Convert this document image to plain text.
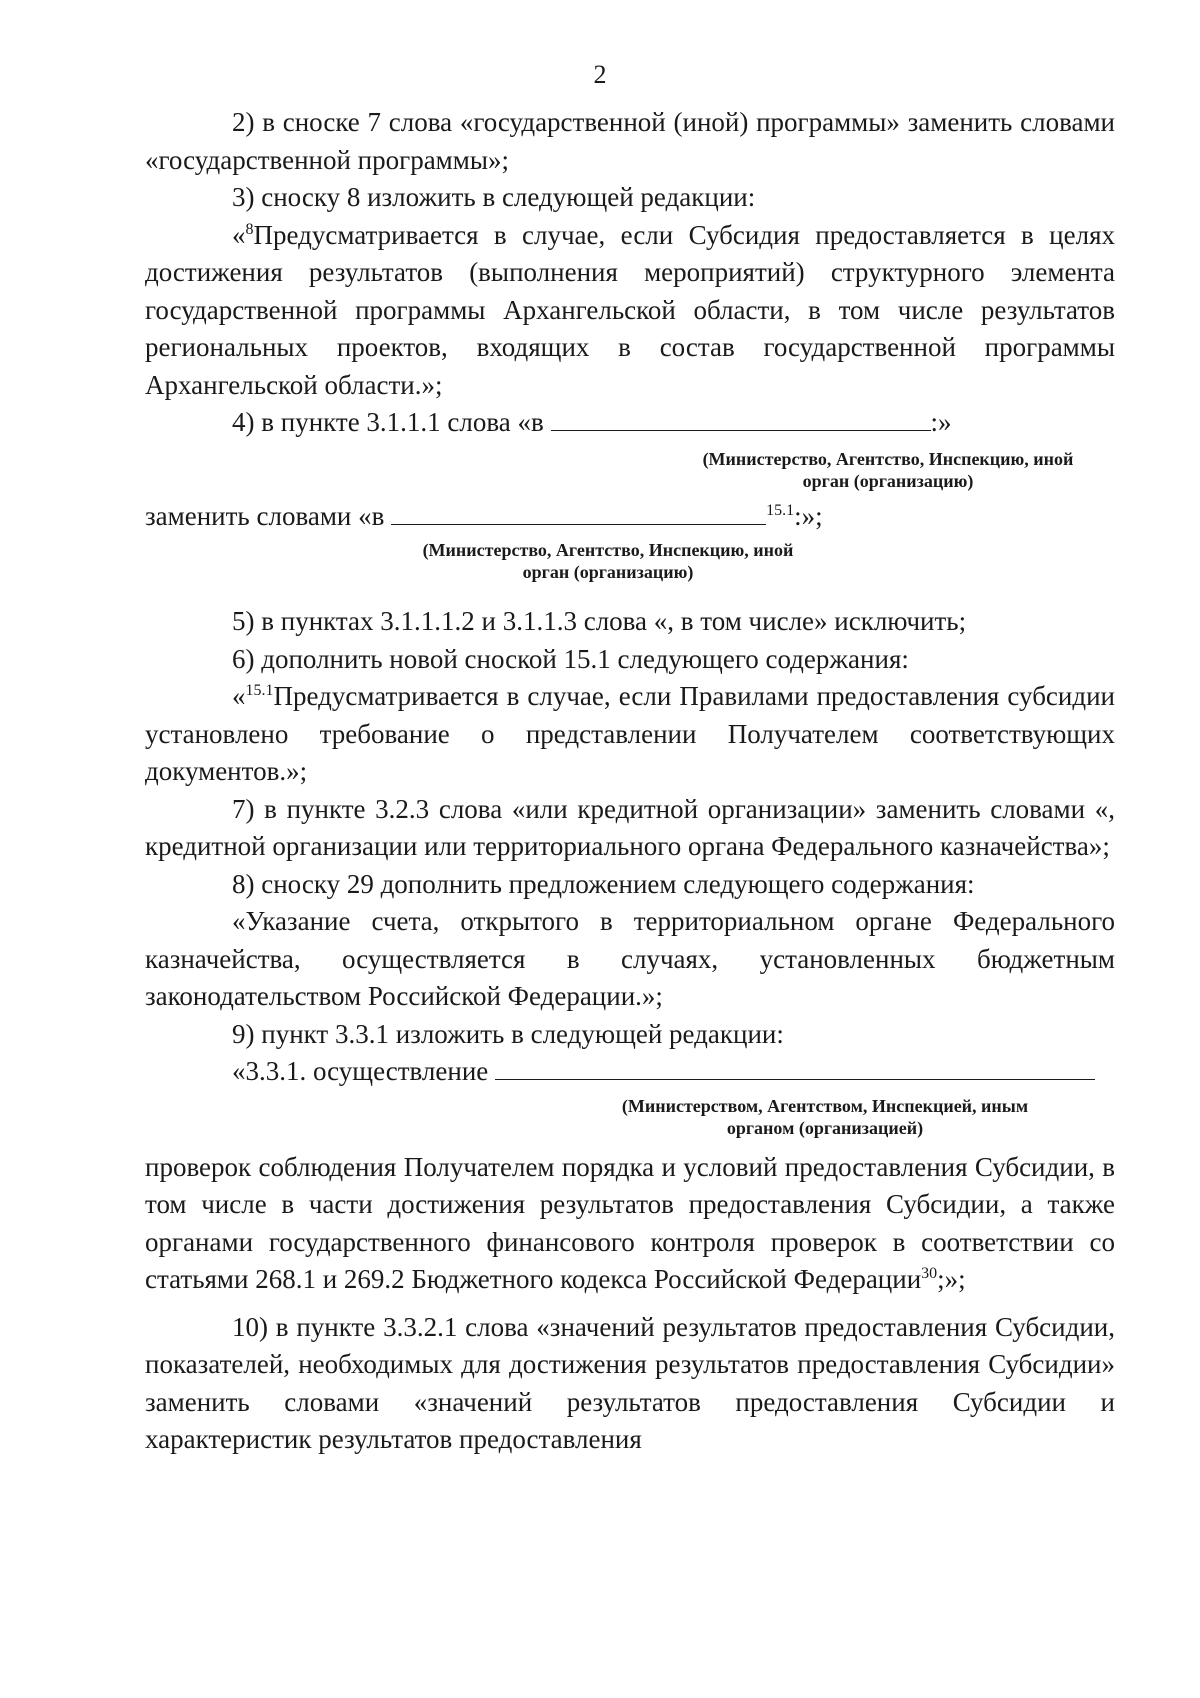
2

2) в сноске 7 слова «государственной (иной) программы» заменить словами «государственной программы»;

3) сноску 8 изложить в следующей редакции:

«$^8$Предусматривается в случае, если Субсидия предоставляется в целях достижения результатов (выполнения мероприятий) структурного элемента государственной программы Архангельской области, в том числе результатов региональных проектов, входящих в состав государственной программы Архангельской области.»;

4) в пункте 3.1.1.1 слова «в	:»

(Министерство, Агентство, Инспекцию, иной орган (организацию)

заменить словами «в	$^{15.1}$:»;

(Министерство, Агентство, Инспекцию, иной орган (организацию)

5) в пунктах 3.1.1.1.2 и 3.1.1.3 слова «, в том числе» исключить;

6) дополнить новой сноской 15.1 следующего содержания:

«$^{15.1}$Предусматривается в случае, если Правилами предоставления субсидии установлено требование о представлении Получателем соответствующих документов.»;

7) в пункте 3.2.3 слова «или кредитной организации» заменить словами «, кредитной организации или территориального органа Федерального казначейства»;

8) сноску 29 дополнить предложением следующего содержания:

«Указание счета, открытого в территориальном органе Федерального казначейства, осуществляется в случаях, установленных бюджетным законодательством Российской Федерации.»;

9) пункт 3.3.1 изложить в следующей редакции:

«3.3.1. осуществление

(Министерством, Агентством, Инспекцией, иным органом (организацией)

проверок соблюдения Получателем порядка и условий предоставления Субсидии, в том числе в части достижения результатов предоставления Субсидии, а также органами государственного финансового контроля проверок в соответствии со статьями 268.1 и 269.2 Бюджетного кодекса Российской Федерации$^{30}$;»;

10) в пункте 3.3.2.1 слова «значений результатов предоставления Субсидии, показателей, необходимых для достижения результатов предоставления Субсидии» заменить словами «значений результатов предоставления Субсидии и характеристик результатов предоставления
